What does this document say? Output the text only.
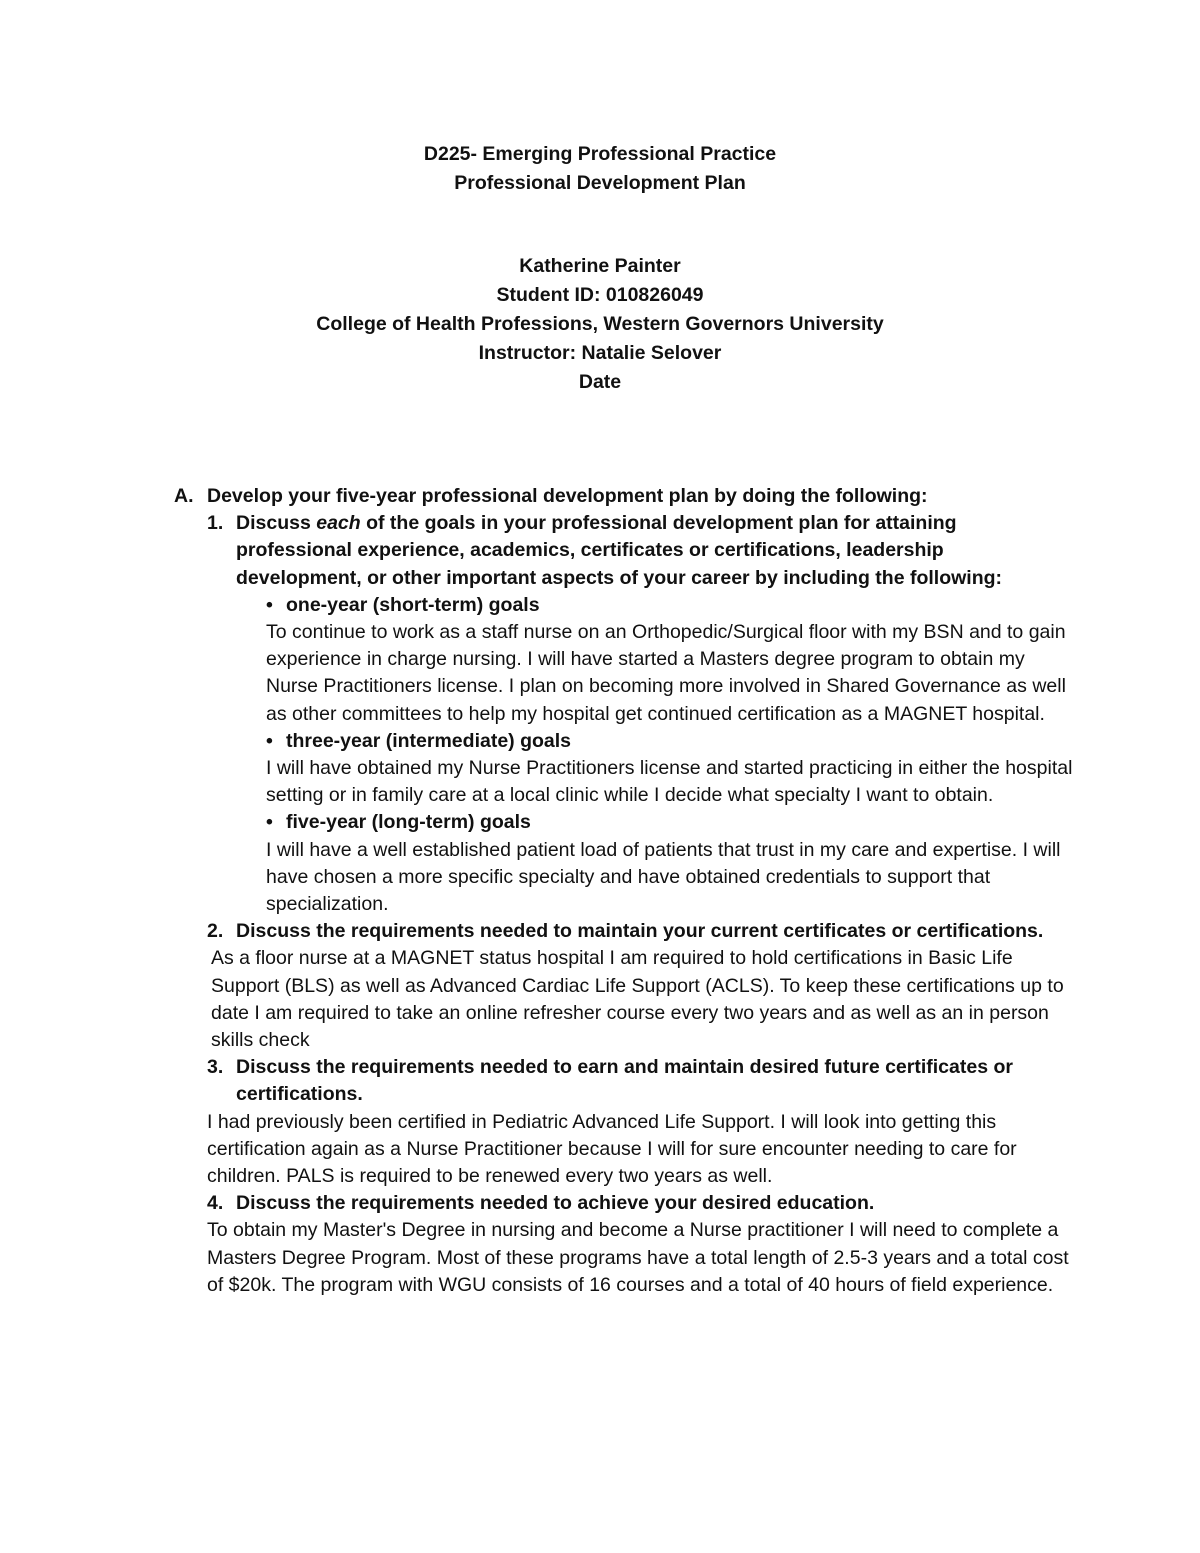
D225- Emerging Professional Practice
Professional Development Plan
Katherine Painter
Student ID: 010826049
College of Health Professions, Western Governors University
Instructor: Natalie Selover
Date
A. Develop your five-year professional development plan by doing the following:
1. Discuss each of the goals in your professional development plan for attaining professional experience, academics, certificates or certifications, leadership development, or other important aspects of your career by including the following:
• one-year (short-term) goals
To continue to work as a staff nurse on an Orthopedic/Surgical floor with my BSN and to gain experience in charge nursing. I will have started a Masters degree program to obtain my Nurse Practitioners license. I plan on becoming more involved in Shared Governance as well as other committees to help my hospital get continued certification as a MAGNET hospital.
• three-year (intermediate) goals
I will have obtained my Nurse Practitioners license and started practicing in either the hospital setting or in family care at a local clinic while I decide what specialty I want to obtain.
• five-year (long-term) goals
I will have a well established patient load of patients that trust in my care and expertise. I will have chosen a more specific specialty and have obtained credentials to support that specialization.
2. Discuss the requirements needed to maintain your current certificates or certifications.
As a floor nurse at a MAGNET status hospital I am required to hold certifications in Basic Life Support (BLS) as well as Advanced Cardiac Life Support (ACLS). To keep these certifications up to date I am required to take an online refresher course every two years and as well as an in person skills check
3. Discuss the requirements needed to earn and maintain desired future certificates or certifications.
I had previously been certified in Pediatric Advanced Life Support. I will look into getting this certification again as a Nurse Practitioner because I will for sure encounter needing to care for children. PALS is required to be renewed every two years as well.
4. Discuss the requirements needed to achieve your desired education.
To obtain my Master's Degree in nursing and become a Nurse practitioner I will need to complete a Masters Degree Program. Most of these programs have a total length of 2.5-3 years and a total cost of $20k. The program with WGU consists of 16 courses and a total of 40 hours of field experience.
